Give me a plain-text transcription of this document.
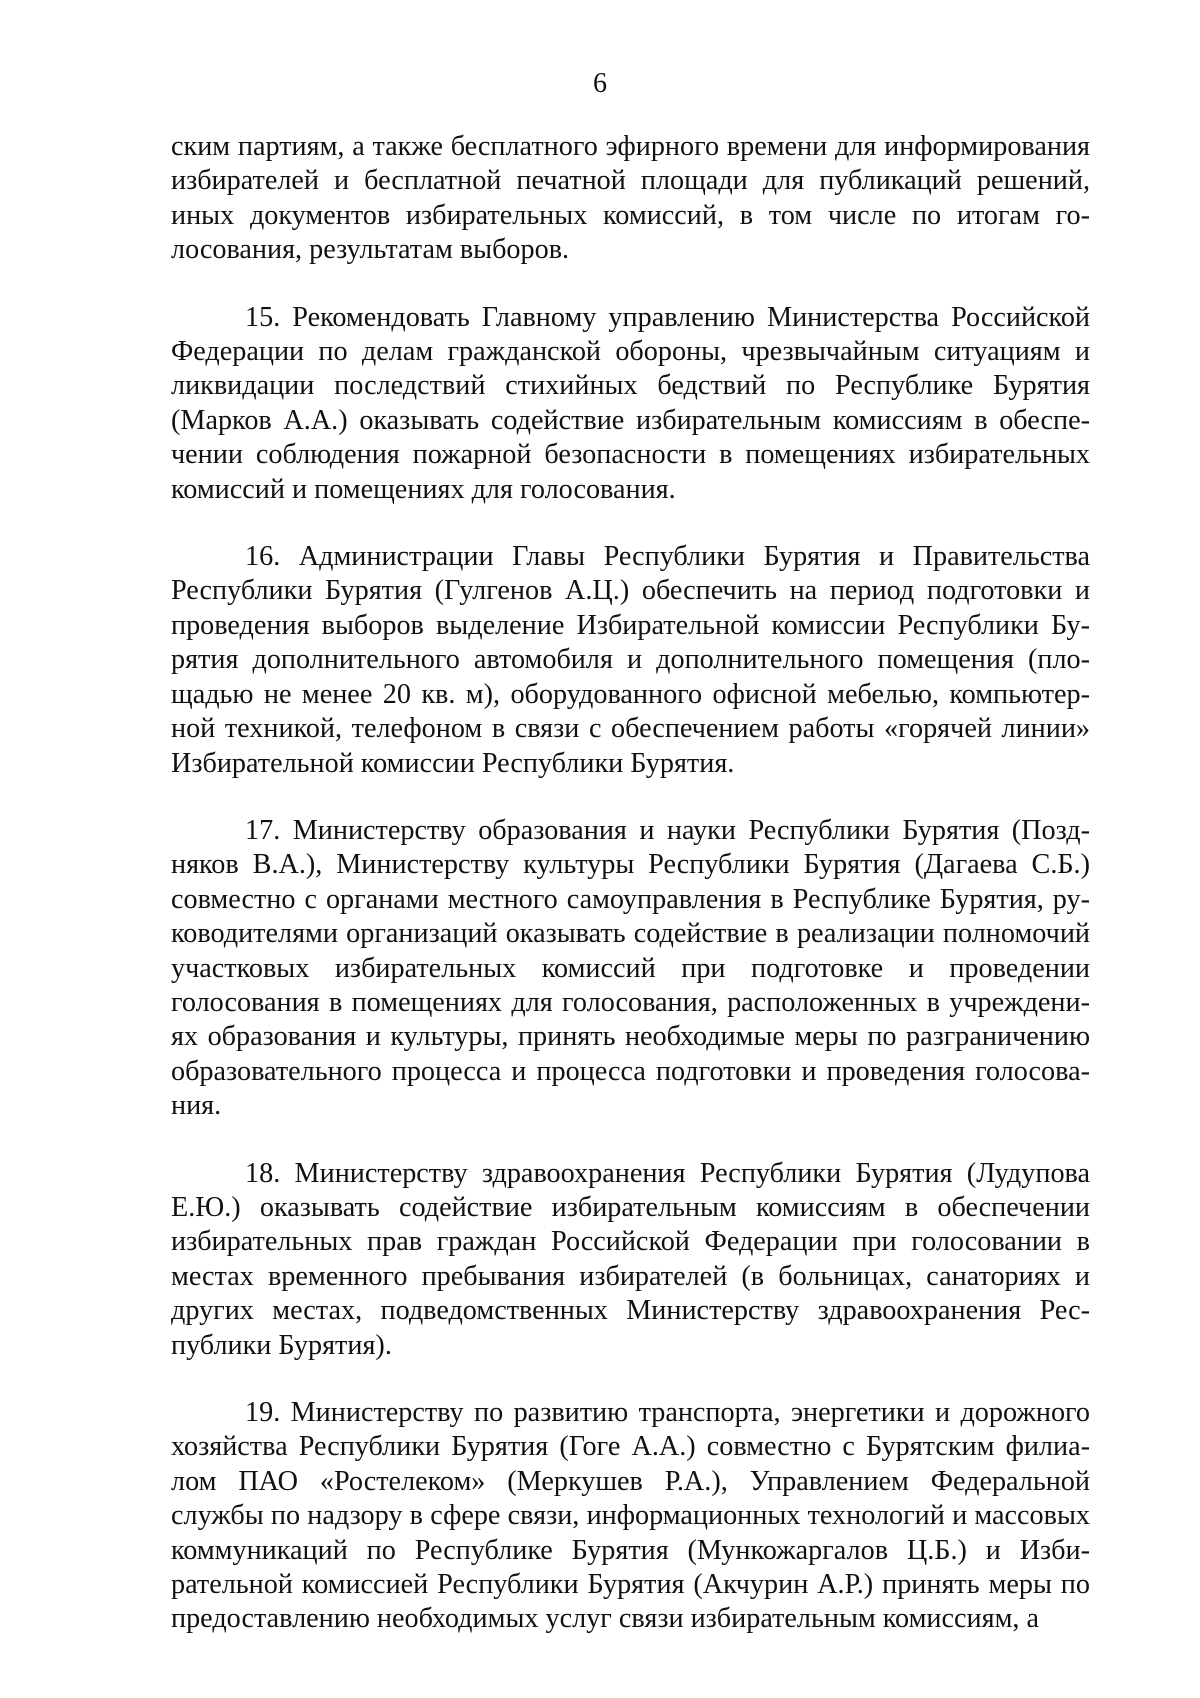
6

ским партиям, а также бесплатного эфирного времени для информирования избирателей и бесплатной печатной площади для публикаций решений, иных документов избирательных комиссий, в том числе по итогам голосования, результатам выборов.

15. Рекомендовать Главному управлению Министерства Российской Федерации по делам гражданской обороны, чрезвычайным ситуациям и ликвидации последствий стихийных бедствий по Республике Бурятия (Марков А.А.) оказывать содействие избирательным комиссиям в обеспечении соблюдения пожарной безопасности в помещениях избирательных комиссий и помещениях для голосования.

16. Администрации Главы Республики Бурятия и Правительства Республики Бурятия (Гулгенов А.Ц.) обеспечить на период подготовки и проведения выборов выделение Избирательной комиссии Республики Бурятия дополнительного автомобиля и дополнительного помещения (площадью не менее 20 кв. м), оборудованного офисной мебелью, компьютерной техникой, телефоном в связи с обеспечением работы «горячей линии» Избирательной комиссии Республики Бурятия.

17. Министерству образования и науки Республики Бурятия (Поздняков В.А.), Министерству культуры Республики Бурятия (Дагаева С.Б.) совместно с органами местного самоуправления в Республике Бурятия, руководителями организаций оказывать содействие в реализации полномочий участковых избирательных комиссий при подготовке и проведении голосования в помещениях для голосования, расположенных в учреждениях образования и культуры, принять необходимые меры по разграничению образовательного процесса и процесса подготовки и проведения голосования.

18. Министерству здравоохранения Республики Бурятия (Лудупова Е.Ю.) оказывать содействие избирательным комиссиям в обеспечении избирательных прав граждан Российской Федерации при голосовании в местах временного пребывания избирателей (в больницах, санаториях и других местах, подведомственных Министерству здравоохранения Республики Бурятия).

19. Министерству по развитию транспорта, энергетики и дорожного хозяйства Республики Бурятия (Гоге А.А.) совместно с Бурятским филиалом ПАО «Ростелеком» (Меркушев Р.А.), Управлением Федеральной службы по надзору в сфере связи, информационных технологий и массовых коммуникаций по Республике Бурятия (Мункожаргалов Ц.Б.) и Избирательной комиссией Республики Бурятия (Акчурин А.Р.) принять меры по предоставлению необходимых услуг связи избирательным комиссиям, а
